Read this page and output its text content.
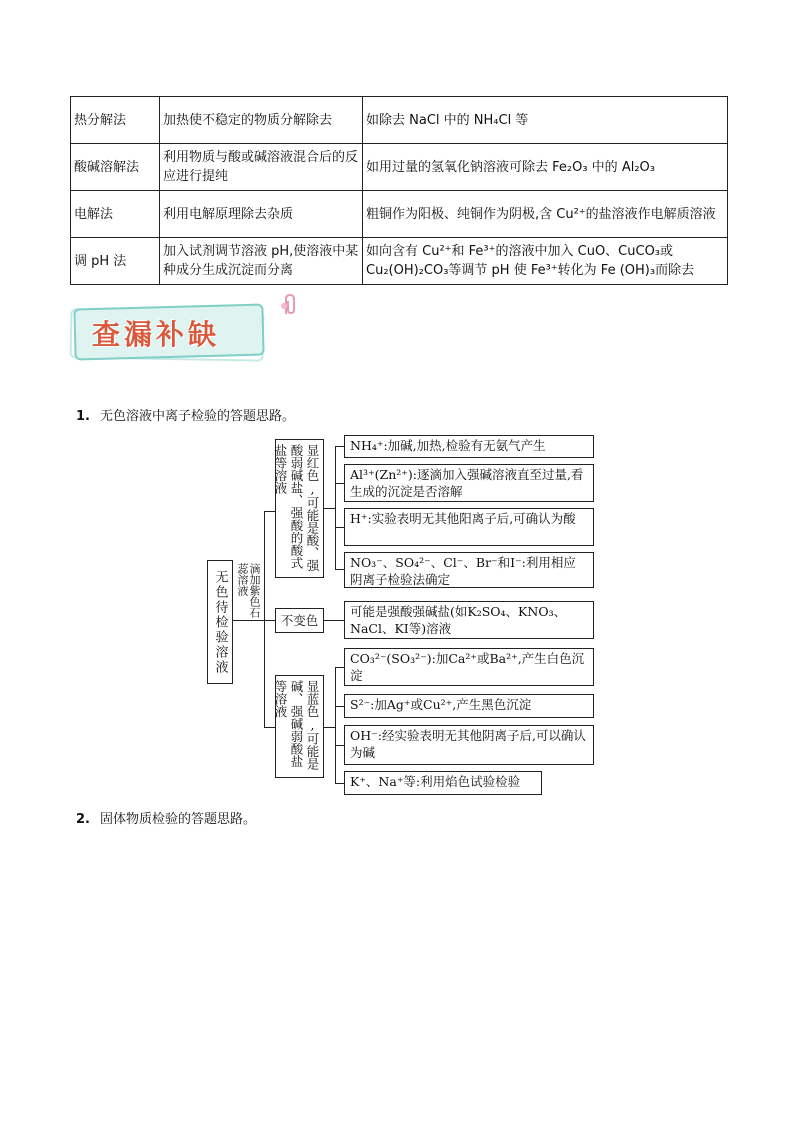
热分解法	加热使不稳定的物质分解除去	如除去 NaCl 中的 NH₄Cl 等
酸碱溶解法	利用物质与酸或碱溶液混合后的反应进行提纯	如用过量的氢氧化钠溶液可除去 Fe₂O₃ 中的 Al₂O₃
电解法	利用电解原理除去杂质	粗铜作为阳极、纯铜作为阴极,含 Cu²⁺的盐溶液作电解质溶液
调 pH 法	加入试剂调节溶液 pH,使溶液中某种成分生成沉淀而分离	如向含有 Cu²⁺和 Fe³⁺的溶液中加入 CuO、CuCO₃或 Cu₂(OH)₂CO₃等调节 pH 使 Fe³⁺转化为 Fe (OH)₃而除去
查漏补缺
1. 无色溶液中离子检验的答题思路。
无色待检验溶液	滴加紫色石蕊溶液
显红色,可能是酸、强酸弱碱盐、强酸的酸式盐等溶液	NH₄⁺:加碱,加热,检验有无氨气产生
Al³⁺(Zn²⁺):逐滴加入强碱溶液直至过量,看生成的沉淀是否溶解
H⁺:实验表明无其他阳离子后,可确认为酸
NO₃⁻、SO₄²⁻、Cl⁻、Br⁻和I⁻:利用相应阴离子检验法确定
不变色
可能是强酸强碱盐(如K₂SO₄、KNO₃、NaCl、KI等)溶液
显蓝色,可能是碱、强碱弱酸盐等溶液
CO₃²⁻(SO₃²⁻):加Ca²⁺或Ba²⁺,产生白色沉淀
S²⁻:加Ag⁺或Cu²⁺,产生黑色沉淀
OH⁻:经实验表明无其他阴离子后,可以确认为碱
K⁺、Na⁺等:利用焰色试验检验
2. 固体物质检验的答题思路。
